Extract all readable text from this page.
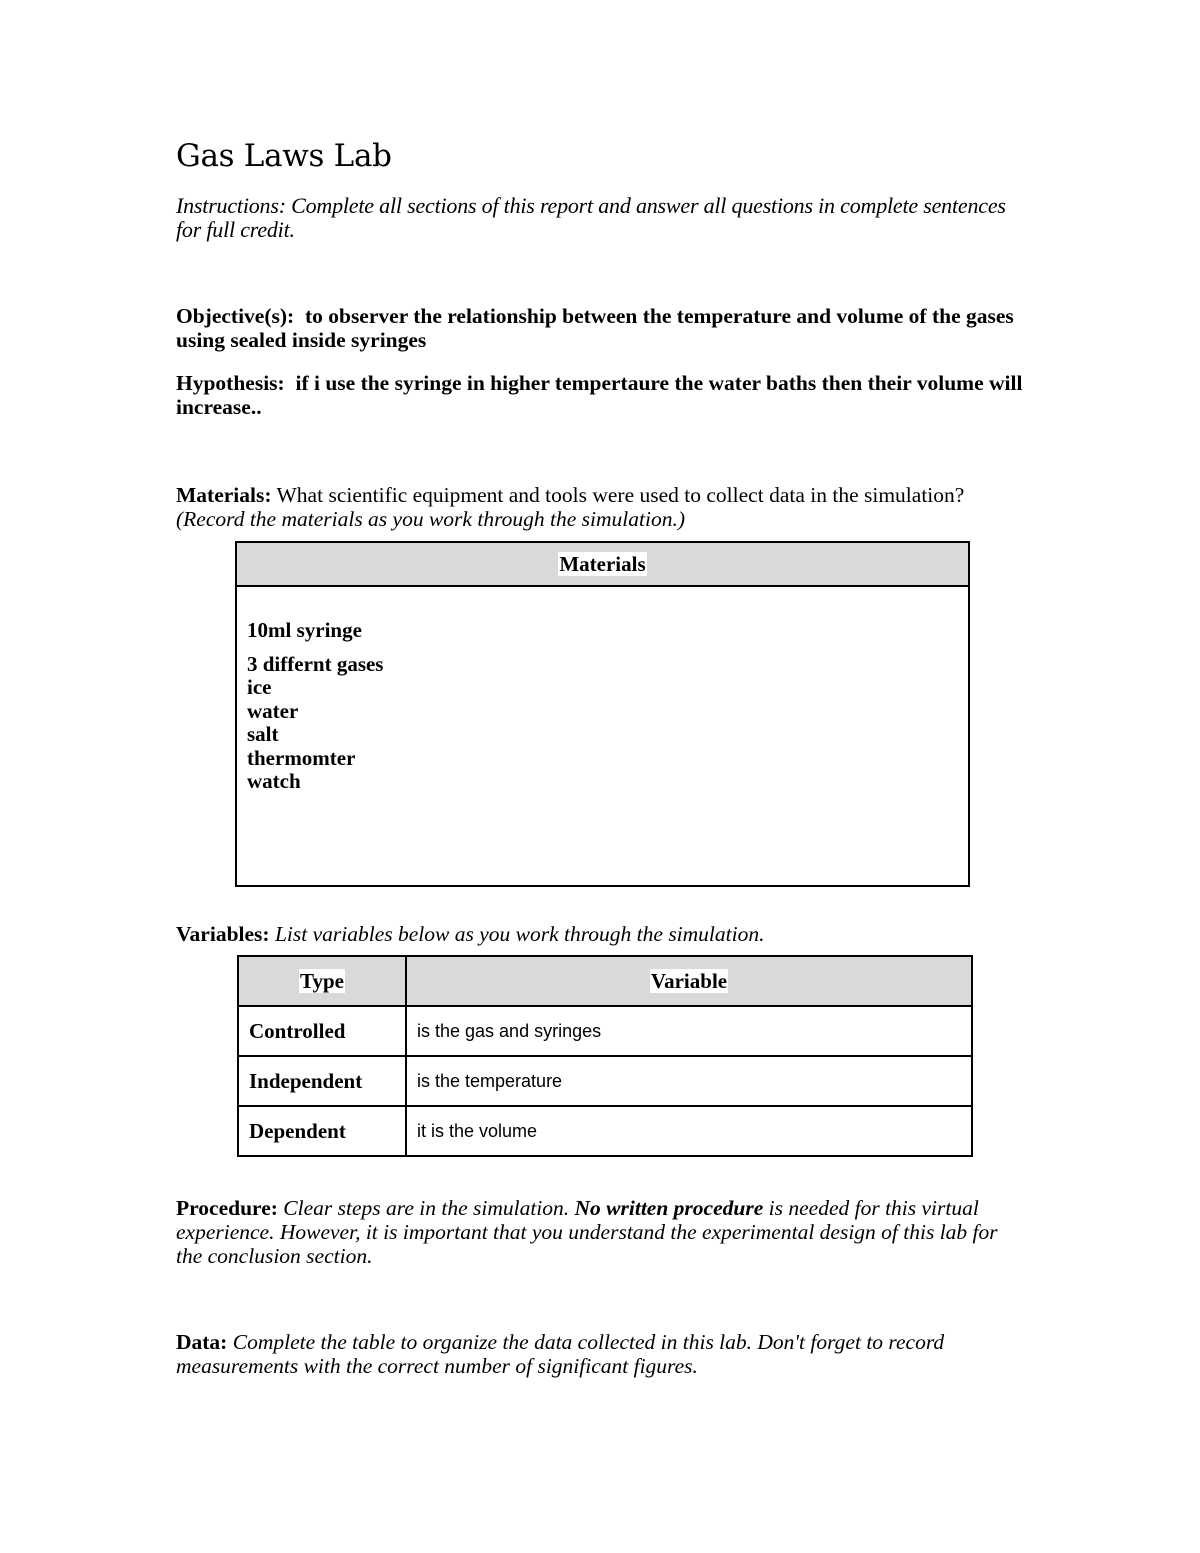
Gas Laws Lab

Instructions: Complete all sections of this report and answer all questions in complete sentences for full credit.

Objective(s): to observer the relationship between the temperature and volume of the gases using sealed inside syringes

Hypothesis: if i use the syringe in higher tempertaure the water baths then their volume will increase..

Materials: What scientific equipment and tools were used to collect data in the simulation? (Record the materials as you work through the simulation.)

Materials

10ml syringe

3 differnt gases

ice

water

salt

thermomter

watch

Variables: List variables below as you work through the simulation.

Type	Variable
Controlled	is the gas and syringes
Independent	is the temperature
Dependent	it is the volume

Procedure: Clear steps are in the simulation. No written procedure is needed for this virtual experience. However, it is important that you understand the experimental design of this lab for the conclusion section.

Data: Complete the table to organize the data collected in this lab. Don't forget to record measurements with the correct number of significant figures.
